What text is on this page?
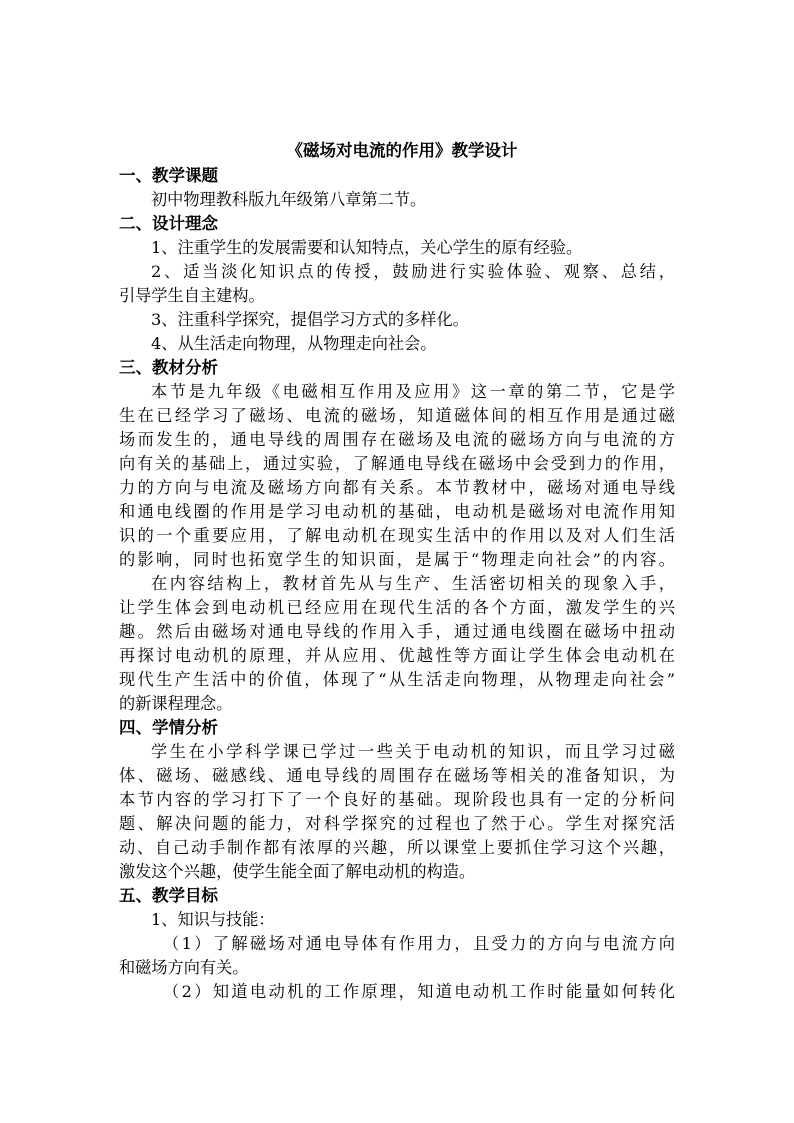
《磁场对电流的作用》教学设计
一、教学课题
初中物理教科版九年级第八章第二节。
二、设计理念
1、注重学生的发展需要和认知特点，关心学生的原有经验。
2、适当淡化知识点的传授，鼓励进行实验体验、观察、总结，
引导学生自主建构。
3、注重科学探究，提倡学习方式的多样化。
4、从生活走向物理，从物理走向社会。
三、教材分析
本节是九年级《电磁相互作用及应用》这一章的第二节，它是学
生在已经学习了磁场、电流的磁场，知道磁体间的相互作用是通过磁
场而发生的，通电导线的周围存在磁场及电流的磁场方向与电流的方
向有关的基础上，通过实验，了解通电导线在磁场中会受到力的作用，
力的方向与电流及磁场方向都有关系。本节教材中，磁场对通电导线
和通电线圈的作用是学习电动机的基础，电动机是磁场对电流作用知
识的一个重要应用，了解电动机在现实生活中的作用以及对人们生活
的影响，同时也拓宽学生的知识面，是属于“物理走向社会”的内容。
在内容结构上，教材首先从与生产、生活密切相关的现象入手，
让学生体会到电动机已经应用在现代生活的各个方面，激发学生的兴
趣。然后由磁场对通电导线的作用入手，通过通电线圈在磁场中扭动
再探讨电动机的原理，并从应用、优越性等方面让学生体会电动机在
现代生产生活中的价值，体现了“从生活走向物理，从物理走向社会”
的新课程理念。
四、学情分析
学生在小学科学课已学过一些关于电动机的知识，而且学习过磁
体、磁场、磁感线、通电导线的周围存在磁场等相关的准备知识，为
本节内容的学习打下了一个良好的基础。现阶段也具有一定的分析问
题、解决问题的能力，对科学探究的过程也了然于心。学生对探究活
动、自己动手制作都有浓厚的兴趣，所以课堂上要抓住学习这个兴趣，
激发这个兴趣，使学生能全面了解电动机的构造。
五、教学目标
1、知识与技能：
（1）了解磁场对通电导体有作用力，且受力的方向与电流方向
和磁场方向有关。
（2）知道电动机的工作原理，知道电动机工作时能量如何转化
